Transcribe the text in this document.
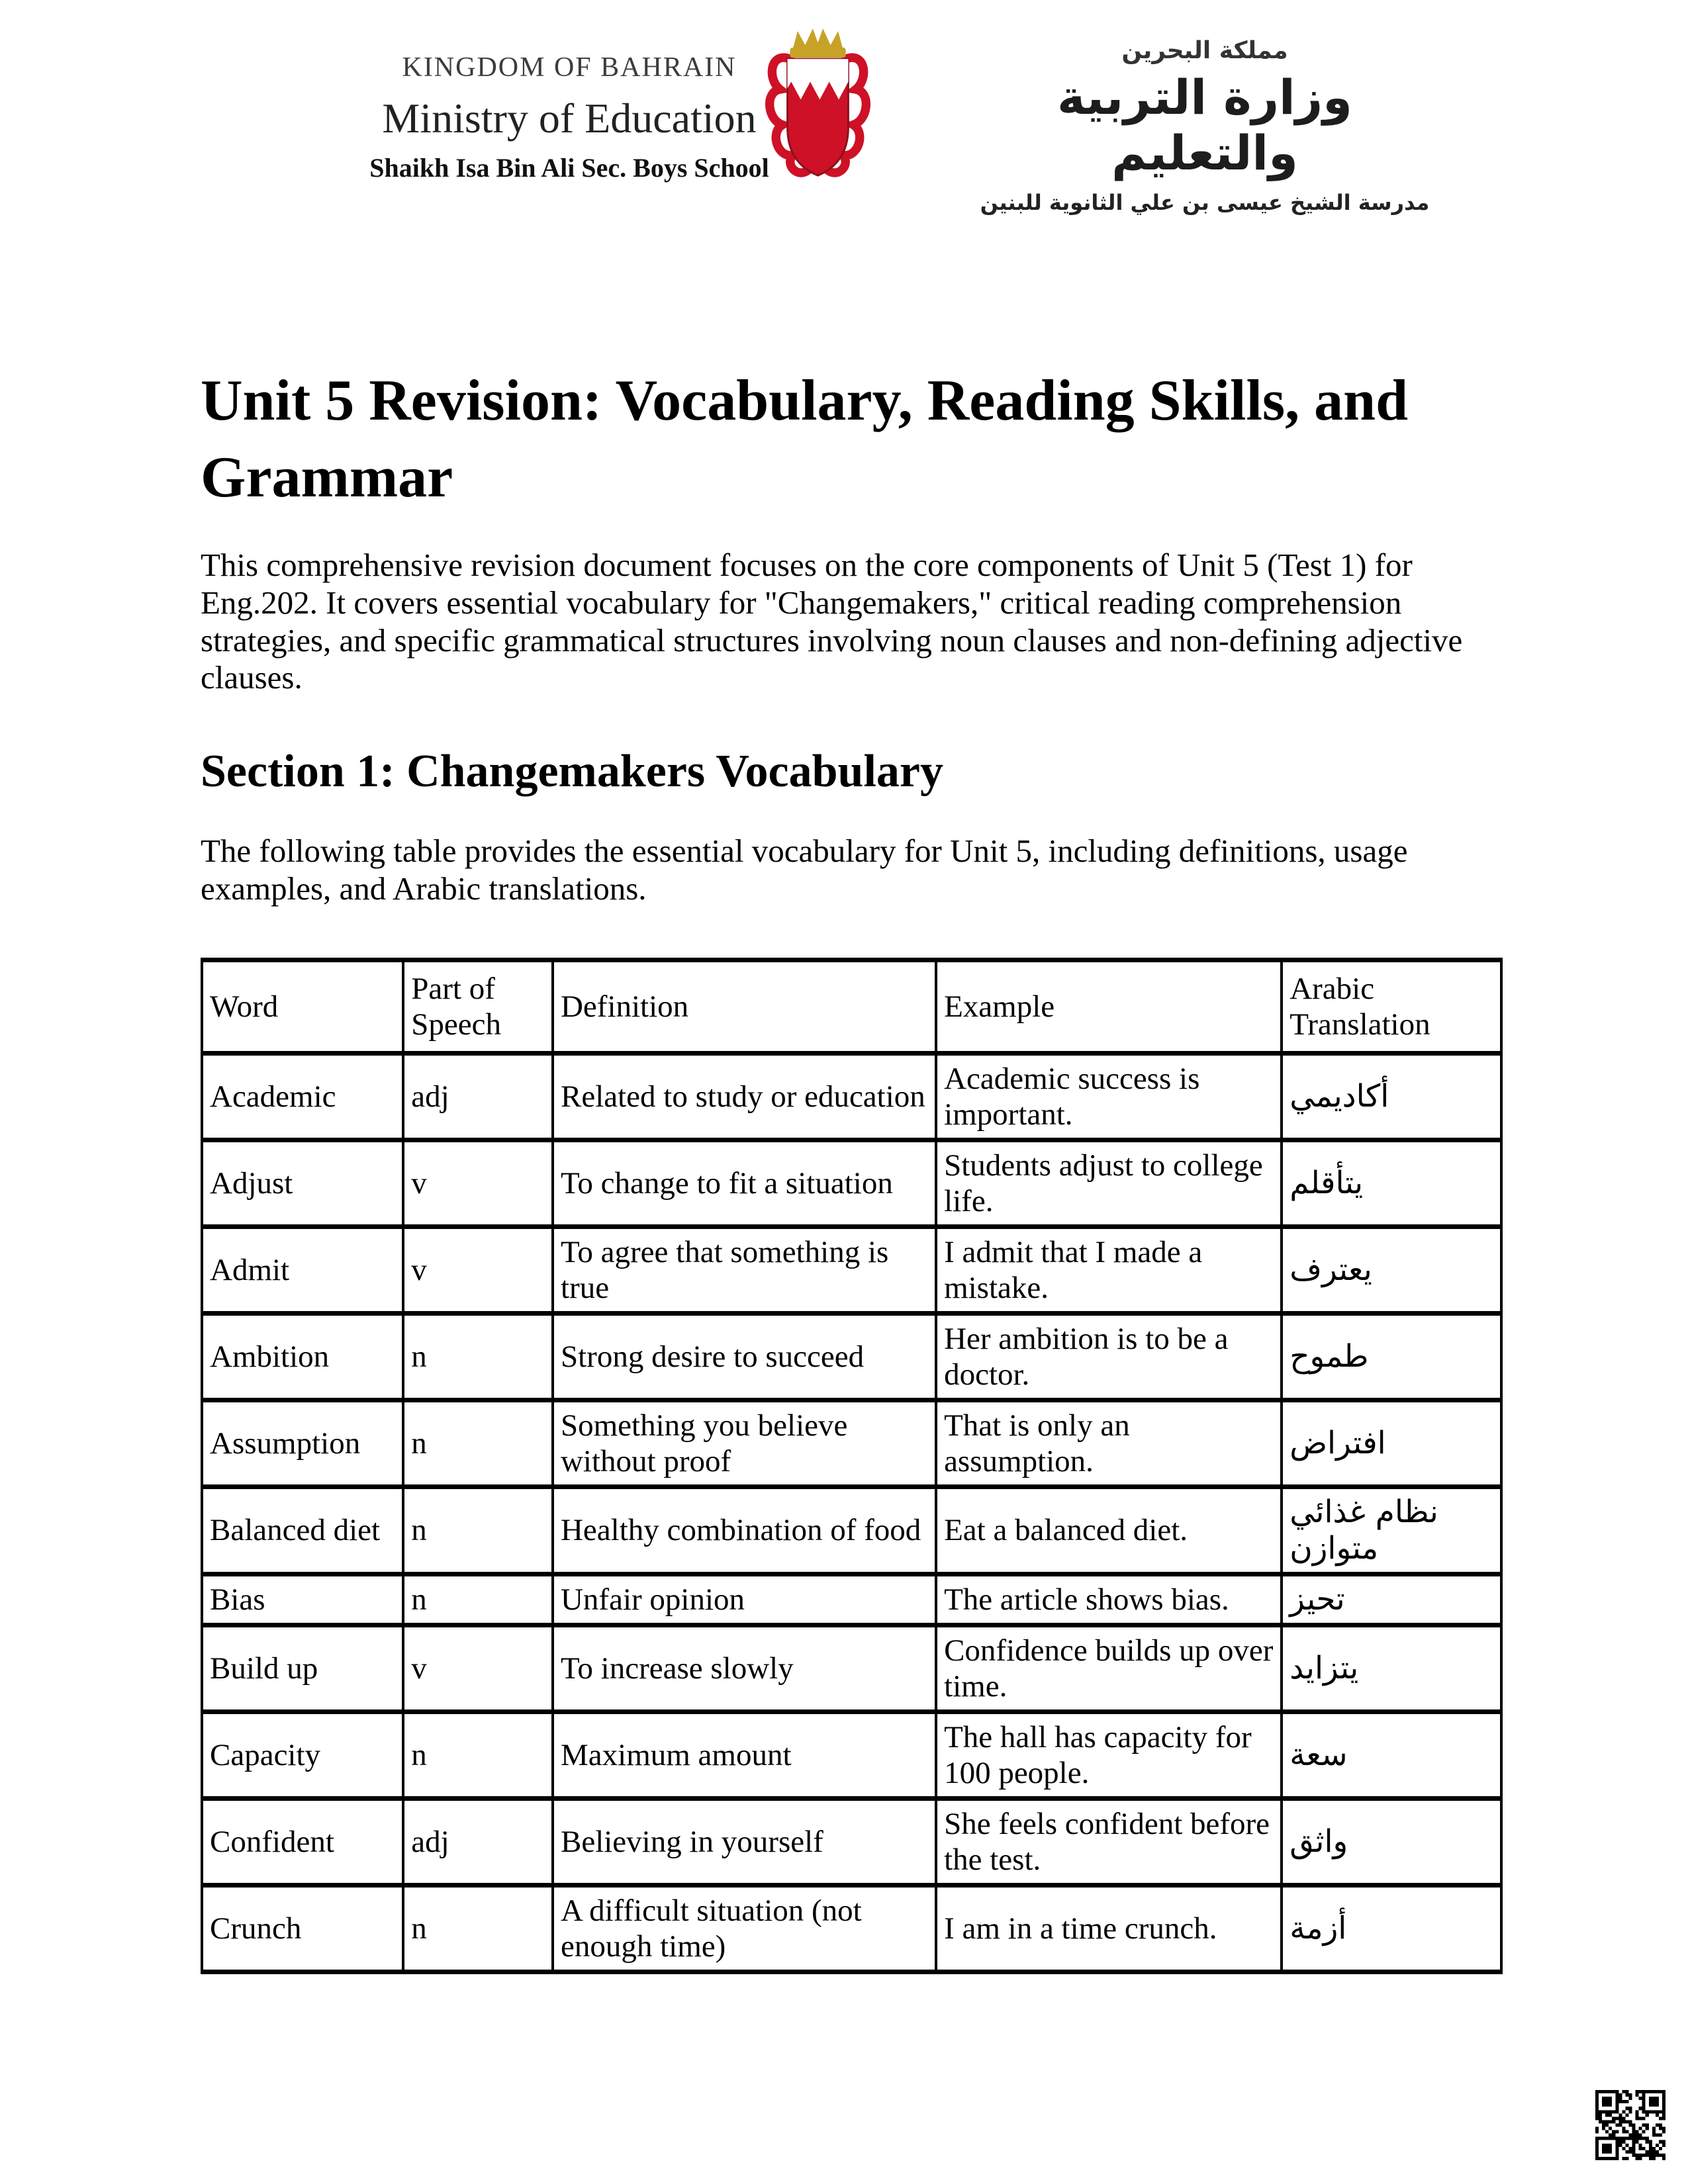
KINGDOM OF BAHRAIN
Ministry of Education
Shaikh Isa Bin Ali Sec. Boys School
مملكة البحرين
وزارة التربية والتعليم
مدرسة الشيخ عيسى بن علي الثانوية للبنين
Unit 5 Revision: Vocabulary, Reading Skills, and Grammar

This comprehensive revision document focuses on the core components of Unit 5 (Test 1) for Eng.202. It covers essential vocabulary for "Changemakers," critical reading comprehension strategies, and specific grammatical structures involving noun clauses and non-defining adjective clauses.

Section 1: Changemakers Vocabulary

The following table provides the essential vocabulary for Unit 5, including definitions, usage examples, and Arabic translations.

Word	Part of Speech	Definition	Example	Arabic Translation
Academic	adj	Related to study or education	Academic success is important.	أكاديمي
Adjust	v	To change to fit a situation	Students adjust to college life.	يتأقلم
Admit	v	To agree that something is true	I admit that I made a mistake.	يعترف
Ambition	n	Strong desire to succeed	Her ambition is to be a doctor.	طموح
Assumption	n	Something you believe without proof	That is only an assumption.	افتراض
Balanced diet	n	Healthy combination of food	Eat a balanced diet.	نظام غذائي متوازن
Bias	n	Unfair opinion	The article shows bias.	تحيز
Build up	v	To increase slowly	Confidence builds up over time.	يتزايد
Capacity	n	Maximum amount	The hall has capacity for 100 people.	سعة
Confident	adj	Believing in yourself	She feels confident before the test.	واثق
Crunch	n	A difficult situation (not enough time)	I am in a time crunch.	أزمة
